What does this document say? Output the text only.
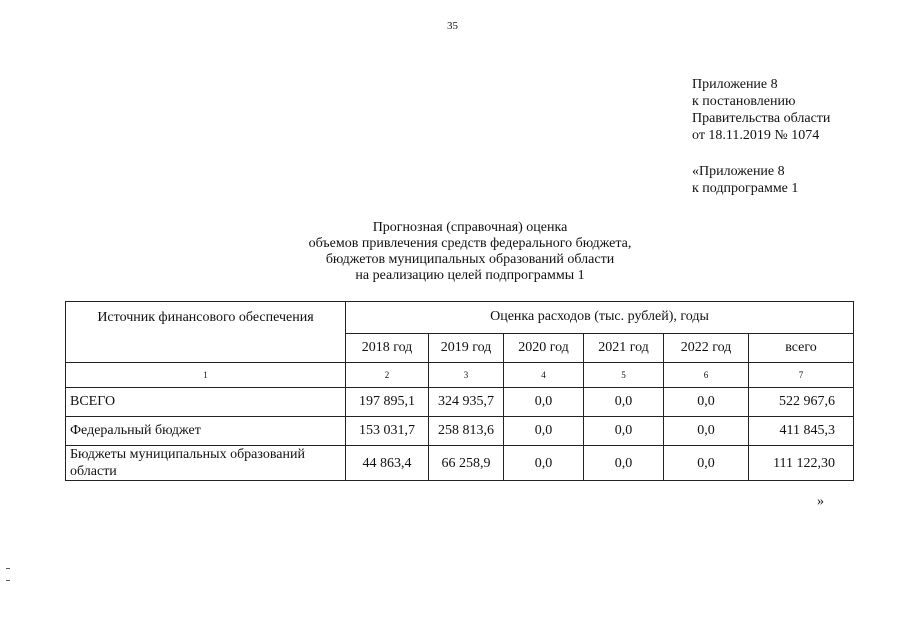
35
Приложение 8
к постановлению
Правительства области
от 18.11.2019 № 1074
«Приложение 8
к подпрограмме 1
Прогнозная (справочная) оценка
объемов привлечения средств федерального бюджета,
бюджетов муниципальных образований области
на реализацию целей подпрограммы 1
Источник финансового обеспечения	Оценка расходов (тыс. рублей), годы					
	2018 год	2019 год	2020 год	2021 год	2022 год	всего
1	2	3	4	5	6	7
ВСЕГО	197 895,1	324 935,7	0,0	0,0	0,0	522 967,6
Федеральный бюджет	153 031,7	258 813,6	0,0	0,0	0,0	411 845,3
Бюджеты муниципальных образований области	44 863,4	66 258,9	0,0	0,0	0,0	111 122,30
»
